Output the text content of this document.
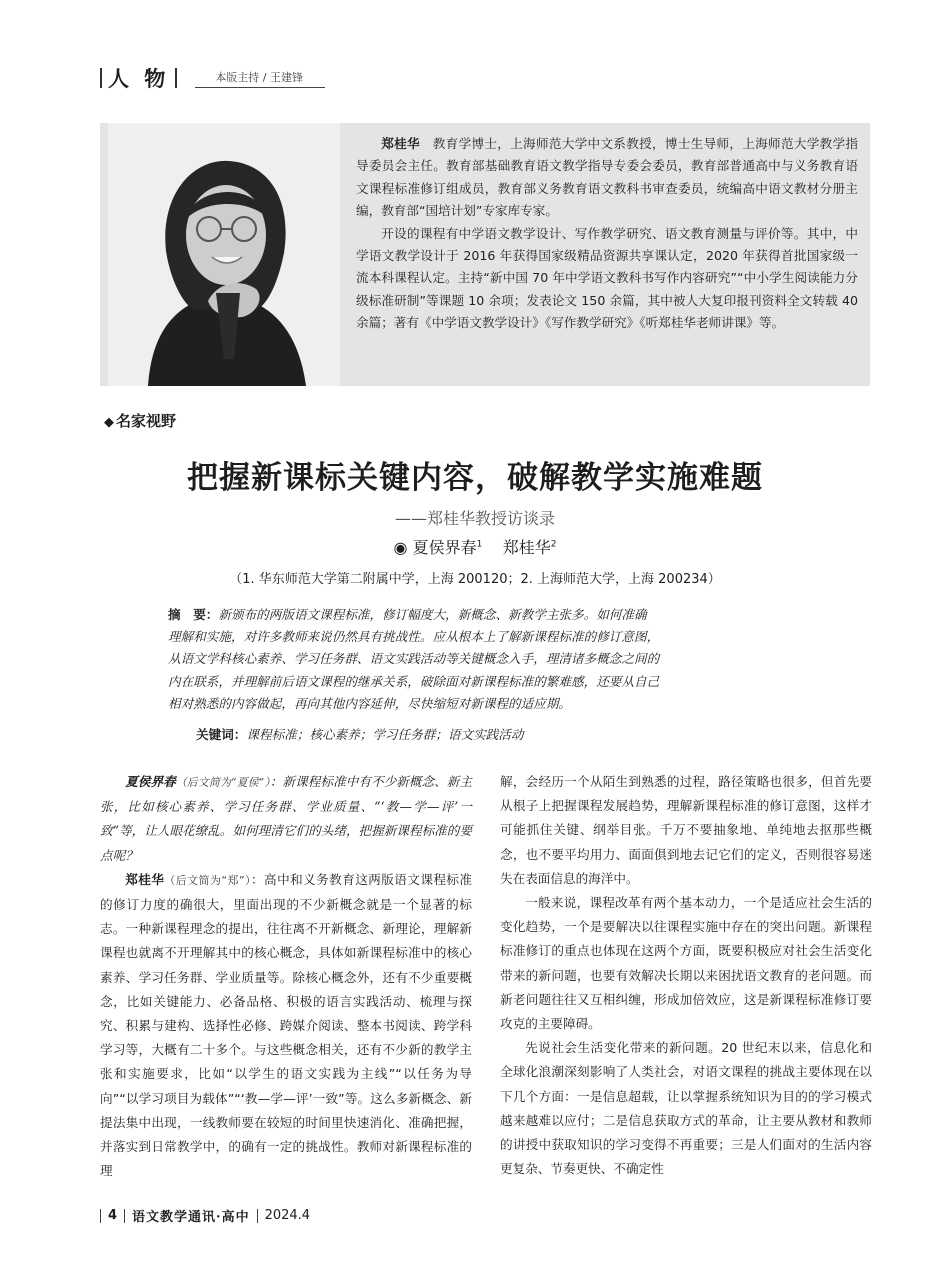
人 物	本版主持 / 王建锋

郑桂华　 教育学博士，上海师范大学中文系教授，博士生导师，上海师范大学教学指导委员会主任。教育部基础教育语文教学指导专委会委员，教育部普通高中与义务教育语文课程标准修订组成员，教育部义务教育语文教科书审查委员，统编高中语文教材分册主编，教育部“国培计划”专家库专家。

开设的课程有中学语文教学设计、写作教学研究、语文教育测量与评价等。其中，中学语文教学设计于 2016 年获得国家级精品资源共享课认定，2020 年获得首批国家级一流本科课程认定。主持“新中国 70 年中学语文教科书写作内容研究”“中小学生阅读能力分级标准研制”等课题 10 余项；发表论文 150 余篇，其中被人大复印报刊资料全文转载 40 余篇；著有《中学语文教学设计》《写作教学研究》《听郑桂华老师讲课》等。

◆ 名家视野
把握新课标关键内容，破解教学实施难题
——郑桂华教授访谈录
◉ 夏侯界春$^1$ 郑桂华$^2$
（1. 华东师范大学第二附属中学，上海 200120；2. 上海师范大学，上海 200234）

摘　要：新颁布的两版语文课程标准，修订幅度大，新概念、新教学主张多。如何准确

理解和实施，对许多教师来说仍然具有挑战性。应从根本上了解新课程标准的修订意图，

从语文学科核心素养、学习任务群、语文实践活动等关键概念入手，理清诸多概念之间的

内在联系，并理解前后语文课程的继承关系，破除面对新课程标准的繁难感，还要从自己

相对熟悉的内容做起，再向其他内容延伸，尽快缩短对新课程的适应期。

关键词：课程标准；核心素养；学习任务群；语文实践活动

夏侯界春（后文简为“夏侯”）：新课程标准中有不少新概念、新主张，比如核心素养、学习任务群、学业质量、“‘教—学—评’一致”等，让人眼花缭乱。如何理清它们的头绪，把握新课程标准的要点呢？

郑桂华（后文简为“郑”）：高中和义务教育这两版语文课程标准的修订力度的确很大，里面出现的不少新概念就是一个显著的标志。一种新课程理念的提出，往往离不开新概念、新理论，理解新课程也就离不开理解其中的核心概念，具体如新课程标准中的核心素养、学习任务群、学业质量等。除核心概念外，还有不少重要概念，比如关键能力、必备品格、积极的语言实践活动、梳理与探究、积累与建构、选择性必修、跨媒介阅读、整本书阅读、跨学科学习等，大概有二十多个。与这些概念相关，还有不少新的教学主张和实施要求，比如“以学生的语文实践为主线”“以任务为导向”“以学习项目为载体”“‘教—学—评’一致”等。这么多新概念、新提法集中出现，一线教师要在较短的时间里快速消化、准确把握，并落实到日常教学中，的确有一定的挑战性。教师对新课程标准的理

解，会经历一个从陌生到熟悉的过程，路径策略也很多，但首先要从根子上把握课程发展趋势，理解新课程标准的修订意图，这样才可能抓住关键、纲举目张。千万不要抽象地、单纯地去抠那些概念，也不要平均用力、面面俱到地去记它们的定义，否则很容易迷失在表面信息的海洋中。

一般来说，课程改革有两个基本动力，一个是适应社会生活的变化趋势，一个是要解决以往课程实施中存在的突出问题。新课程标准修订的重点也体现在这两个方面，既要积极应对社会生活变化带来的新问题，也要有效解决长期以来困扰语文教育的老问题。而新老问题往往又互相纠缠，形成加倍效应，这是新课程标准修订要攻克的主要障碍。

先说社会生活变化带来的新问题。20 世纪末以来，信息化和全球化浪潮深刻影响了人类社会，对语文课程的挑战主要体现在以下几个方面：一是信息超载，让以掌握系统知识为目的的学习模式越来越难以应付；二是信息获取方式的革命，让主要从教材和教师的讲授中获取知识的学习变得不再重要；三是人们面对的生活内容更复杂、节奏更快、不确定性

4 语文教学通讯·高中 2024.4
